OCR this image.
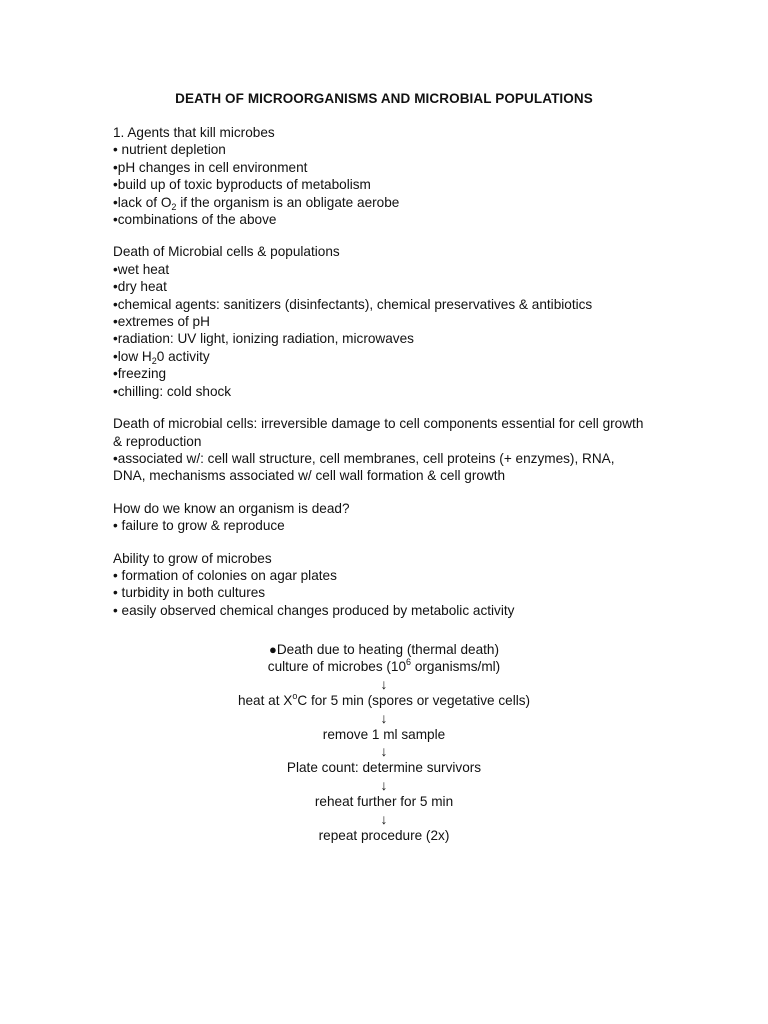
DEATH OF MICROORGANISMS AND MICROBIAL POPULATIONS
1. Agents that kill microbes
• nutrient depletion
•pH changes in cell environment
•build up of toxic byproducts of metabolism
•lack of $O_2$ if the organism is an obligate aerobe
•combinations of the above
Death of Microbial cells & populations
•wet heat
•dry heat
•chemical agents: sanitizers (disinfectants), chemical preservatives & antibiotics
•extremes of pH
•radiation: UV light, ionizing radiation, microwaves
•low $H_20$ activity
•freezing
•chilling: cold shock
Death of microbial cells: irreversible damage to cell components essential for cell growth
& reproduction
•associated w/: cell wall structure, cell membranes, cell proteins (+ enzymes), RNA,
DNA, mechanisms associated w/ cell wall formation & cell growth
How do we know an organism is dead?
• failure to grow & reproduce
Ability to grow of microbes
• formation of colonies on agar plates
• turbidity in both cultures
• easily observed chemical changes produced by metabolic activity
●Death due to heating (thermal death)
culture of microbes ($10^6$ organisms/ml)
↓
heat at $X^oC$ for 5 min (spores or vegetative cells)
↓
remove 1 ml sample
↓
Plate count: determine survivors
↓
reheat further for 5 min
↓
repeat procedure (2x)
